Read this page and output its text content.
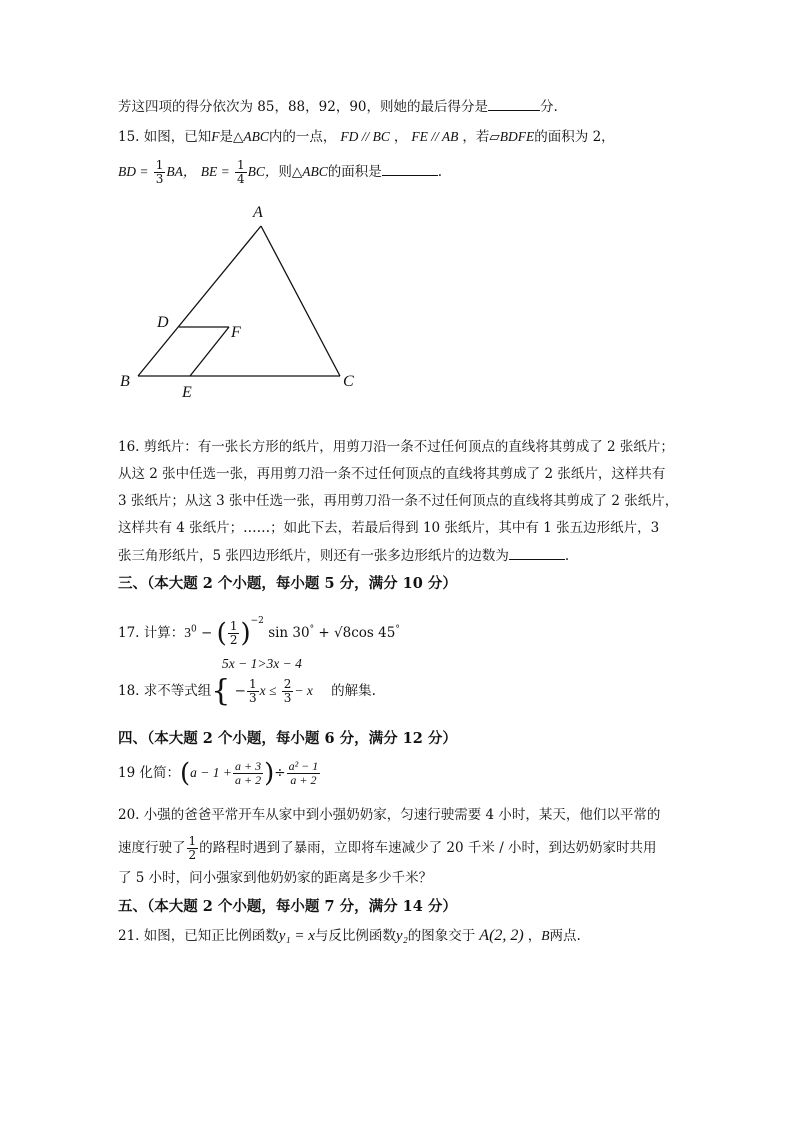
芳这四项的得分依次为 85，88，92，90，则她的最后得分是	分.
15. 如图，已知F是△ABC内的一点， FD // BC ， FE // AB ，若▱BDFE的面积为 2，
BD = $\frac{1}{3}$ BA， BE = $\frac{1}{4}$ BC，则△ABC的面积是	.
A
B	C
D
E
F
16. 剪纸片：有一张长方形的纸片，用剪刀沿一条不过任何顶点的直线将其剪成了 2 张纸片；
从这 2 张中任选一张，再用剪刀沿一条不过任何顶点的直线将其剪成了 2 张纸片，这样共有
3 张纸片；从这 3 张中任选一张，再用剪刀沿一条不过任何顶点的直线将其剪成了 2 张纸片，
这样共有 4 张纸片；……；如此下去，若最后得到 10 张纸片，其中有 1 张五边形纸片，3
张三角形纸片，5 张四边形纸片，则还有一张多边形纸片的边数为	.
三、（本大题 2 个小题，每小题 5 分，满分 10 分）
17. 计算：$3^0$ − ( $\frac{1}{2} )^{-2}$ sin 30° + √8cos 45°
5x − 1>3x − 4
18. 求不等式组{ − $\frac{1}{3}$ $x \le \frac{2}{3} - x$ 的解集.
四、（本大题 2 个小题，每小题 6 分，满分 12 分）
19 化简：($a - 1 + \frac{a + 3}{a + 2}$ )÷ $\frac{\text{a² − 1}}{a + 2}$
20. 小强的爸爸平常开车从家中到小强奶奶家，匀速行驶需要 4 小时，某天，他们以平常的
速度行驶了 $\frac{1}{2}$ 的路程时遇到了暴雨，立即将车速减少了 20 千米 / 小时，到达奶奶家时共用
了 5 小时，问小强家到他奶奶家的距离是多少千米？
五、（本大题 2 个小题，每小题 7 分，满分 14 分）
21. 如图，已知正比例函数y₁ = x与反比例函数y₂的图象交于 A(2, 2) ，B两点.
